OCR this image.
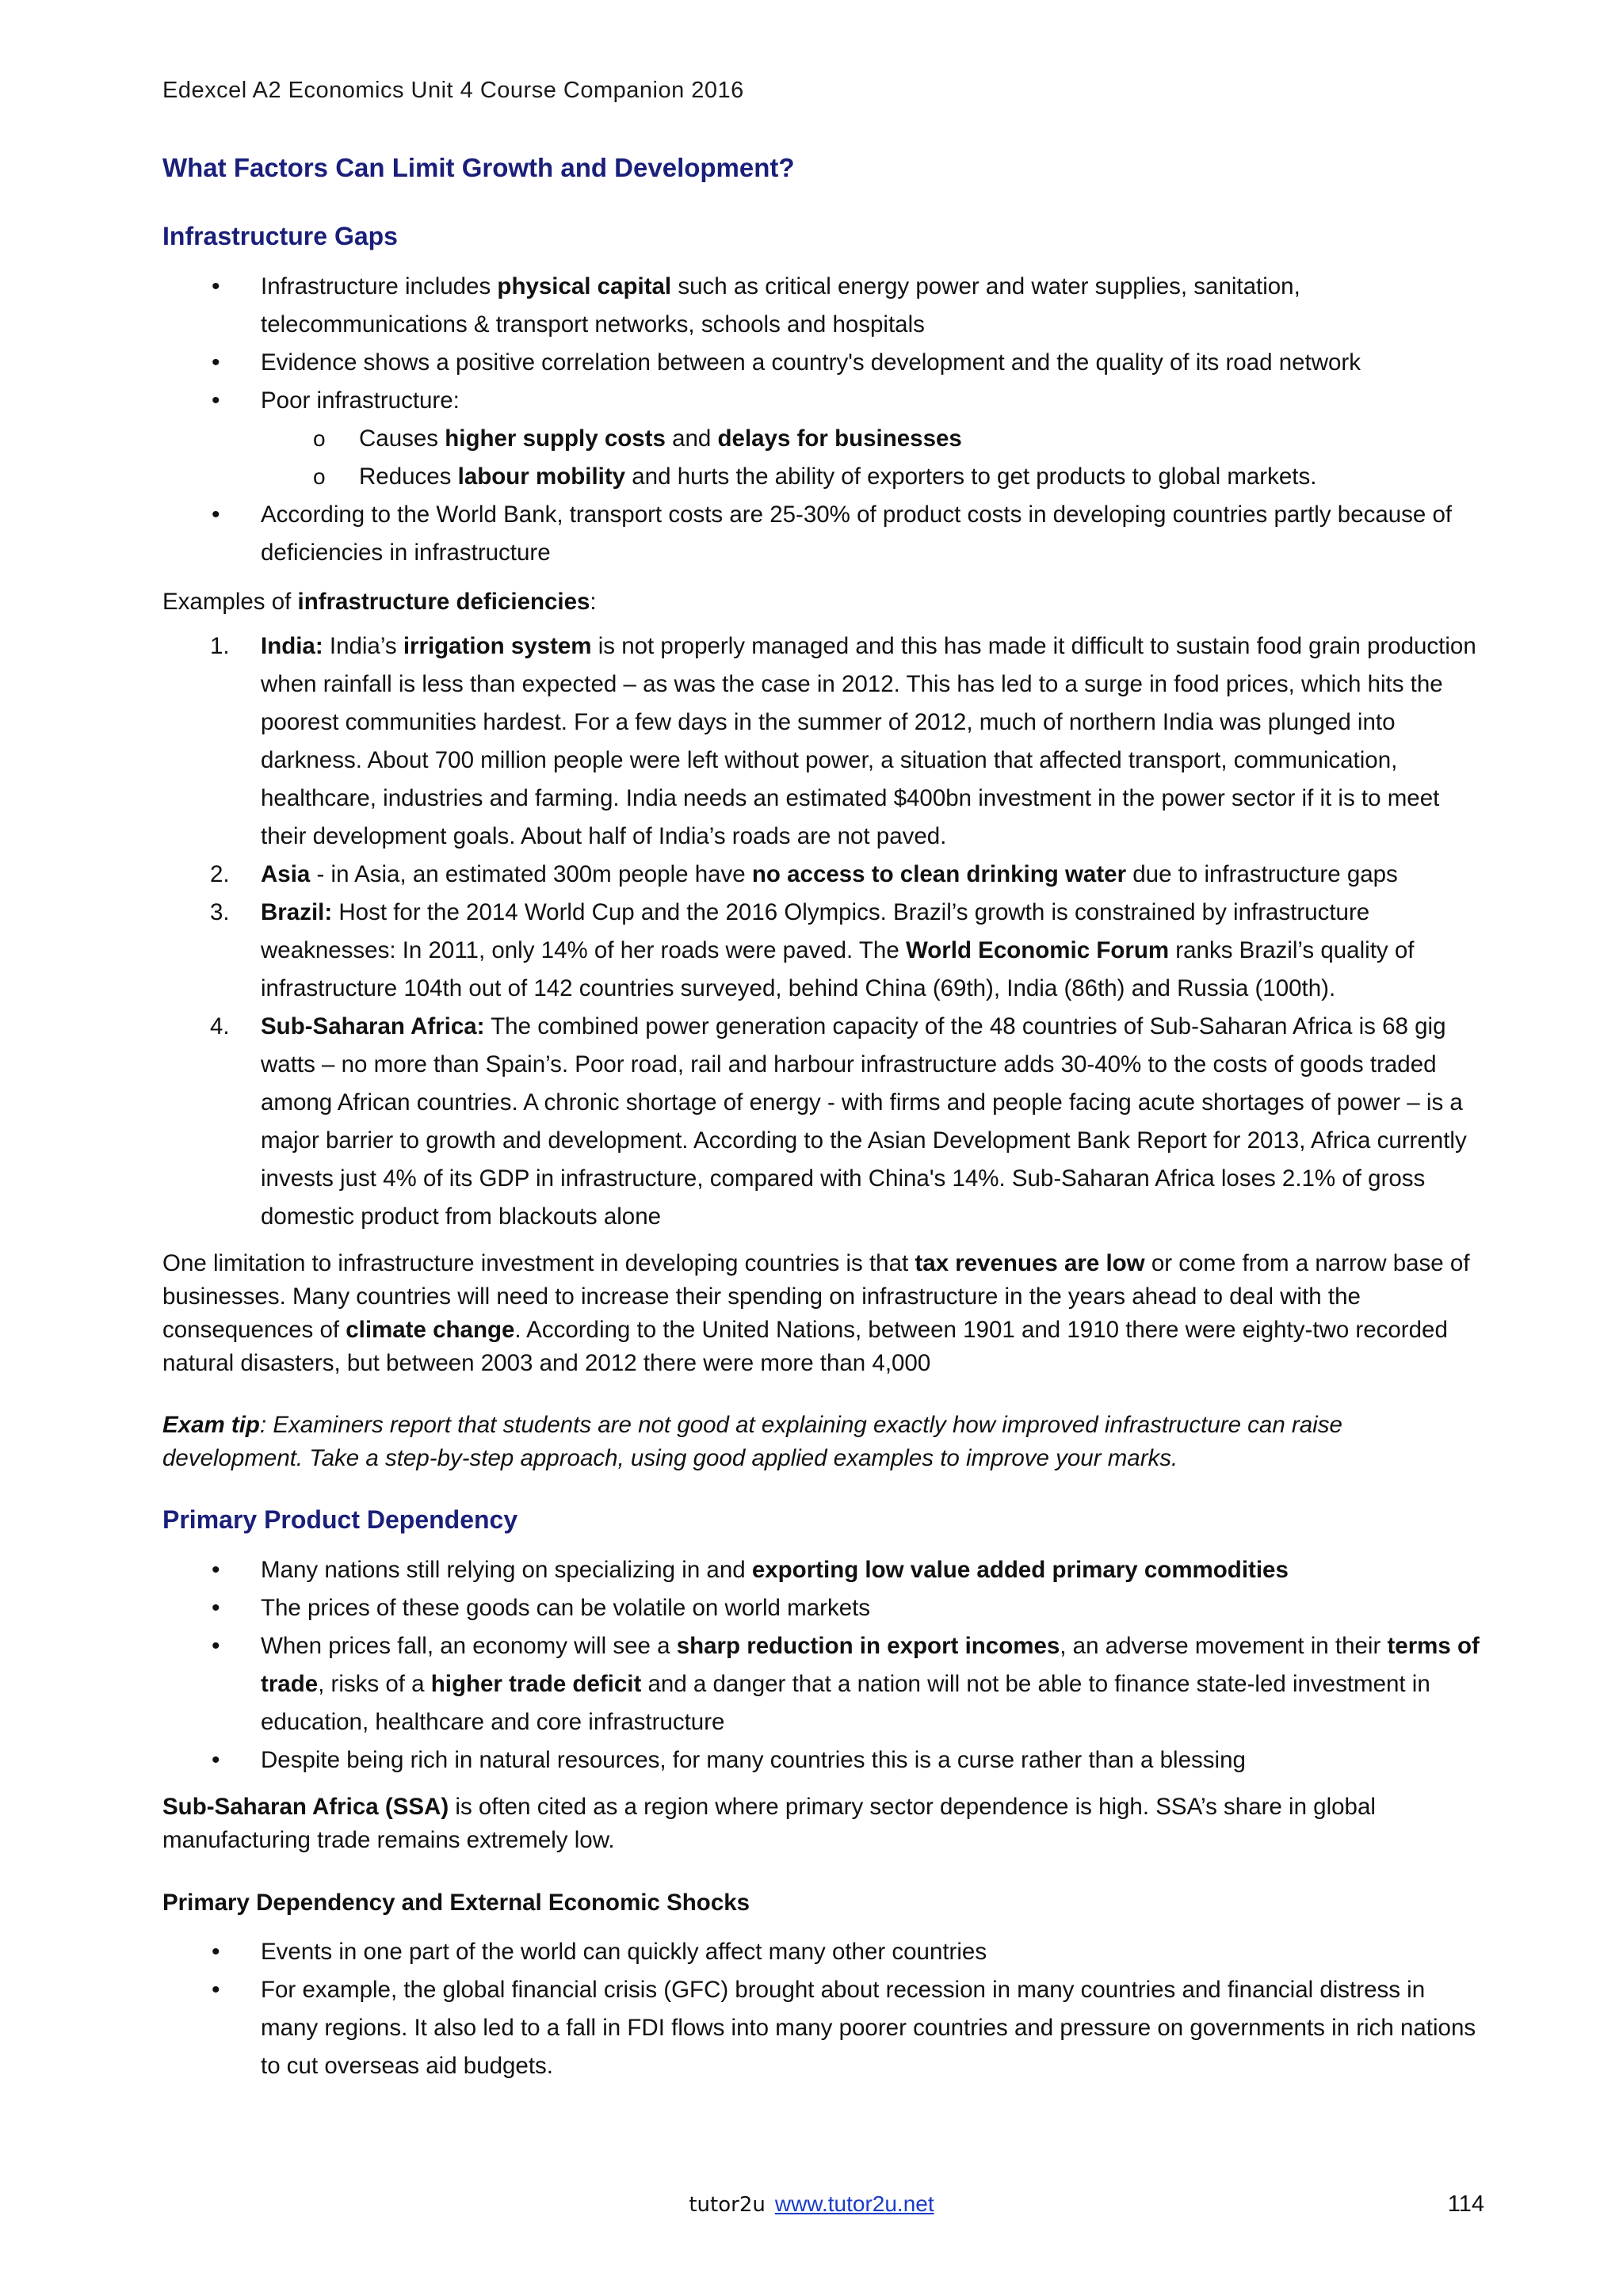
Edexcel A2 Economics Unit 4 Course Companion 2016
What Factors Can Limit Growth and Development?
Infrastructure Gaps
• Infrastructure includes physical capital such as critical energy power and water supplies, sanitation, telecommunications & transport networks, schools and hospitals
• Evidence shows a positive correlation between a country's development and the quality of its road network
• Poor infrastructure:
o Causes higher supply costs and delays for businesses
o Reduces labour mobility and hurts the ability of exporters to get products to global markets.
• According to the World Bank, transport costs are 25-30% of product costs in developing countries partly because of deficiencies in infrastructure

Examples of infrastructure deficiencies:

1. India: India’s irrigation system is not properly managed and this has made it difficult to sustain food grain production when rainfall is less than expected – as was the case in 2012. This has led to a surge in food prices, which hits the poorest communities hardest. For a few days in the summer of 2012, much of northern India was plunged into darkness. About 700 million people were left without power, a situation that affected transport, communication, healthcare, industries and farming. India needs an estimated $400bn investment in the power sector if it is to meet their development goals. About half of India’s roads are not paved.
2. Asia - in Asia, an estimated 300m people have no access to clean drinking water due to infrastructure gaps
3. Brazil: Host for the 2014 World Cup and the 2016 Olympics. Brazil’s growth is constrained by infrastructure weaknesses: In 2011, only 14% of her roads were paved. The World Economic Forum ranks Brazil’s quality of infrastructure 104th out of 142 countries surveyed, behind China (69th), India (86th) and Russia (100th).
4. Sub-Saharan Africa: The combined power generation capacity of the 48 countries of Sub-Saharan Africa is 68 gig watts – no more than Spain’s. Poor road, rail and harbour infrastructure adds 30-40% to the costs of goods traded among African countries. A chronic shortage of energy - with firms and people facing acute shortages of power – is a major barrier to growth and development. According to the Asian Development Bank Report for 2013, Africa currently invests just 4% of its GDP in infrastructure, compared with China's 14%. Sub-Saharan Africa loses 2.1% of gross domestic product from blackouts alone

One limitation to infrastructure investment in developing countries is that tax revenues are low or come from a narrow base of businesses. Many countries will need to increase their spending on infrastructure in the years ahead to deal with the consequences of climate change. According to the United Nations, between 1901 and 1910 there were eighty-two recorded natural disasters, but between 2003 and 2012 there were more than 4,000

Exam tip: Examiners report that students are not good at explaining exactly how improved infrastructure can raise development. Take a step-by-step approach, using good applied examples to improve your marks.

Primary Product Dependency
• Many nations still relying on specializing in and exporting low value added primary commodities
• The prices of these goods can be volatile on world markets
• When prices fall, an economy will see a sharp reduction in export incomes, an adverse movement in their terms of trade, risks of a higher trade deficit and a danger that a nation will not be able to finance state-led investment in education, healthcare and core infrastructure
• Despite being rich in natural resources, for many countries this is a curse rather than a blessing

Sub-Saharan Africa (SSA) is often cited as a region where primary sector dependence is high. SSA’s share in global manufacturing trade remains extremely low.

Primary Dependency and External Economic Shocks
• Events in one part of the world can quickly affect many other countries
• For example, the global financial crisis (GFC) brought about recession in many countries and financial distress in many regions. It also led to a fall in FDI flows into many poorer countries and pressure on governments in rich nations to cut overseas aid budgets.
tutor2u www.tutor2u.net	114
